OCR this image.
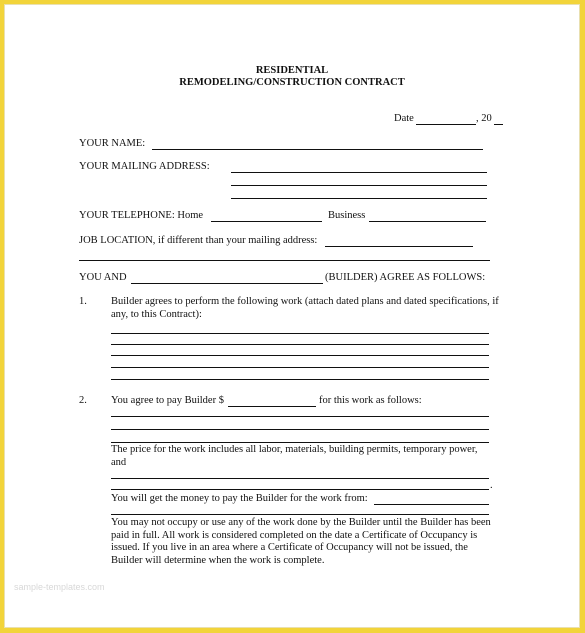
RESIDENTIAL
REMODELING/CONSTRUCTION CONTRACT
Date	, 20
YOUR NAME:
YOUR MAILING ADDRESS:
YOUR TELEPHONE: Home	Business
JOB LOCATION, if different than your mailing address:
YOU AND	(BUILDER) AGREE AS FOLLOWS:
1. Builder agrees to perform the following work (attach dated plans and dated specifications, if any, to this Contract):
2. You agree to pay Builder $	for this work as follows:
The price for the work includes all labor, materials, building permits, temporary power, and
.
You will get the money to pay the Builder for the work from:
You may not occupy or use any of the work done by the Builder until the Builder has been paid in full. All work is considered completed on the date a Certificate of Occupancy is issued. If you live in an area where a Certificate of Occupancy will not be issued, the Builder will determine when the work is complete.
sample-templates.com
